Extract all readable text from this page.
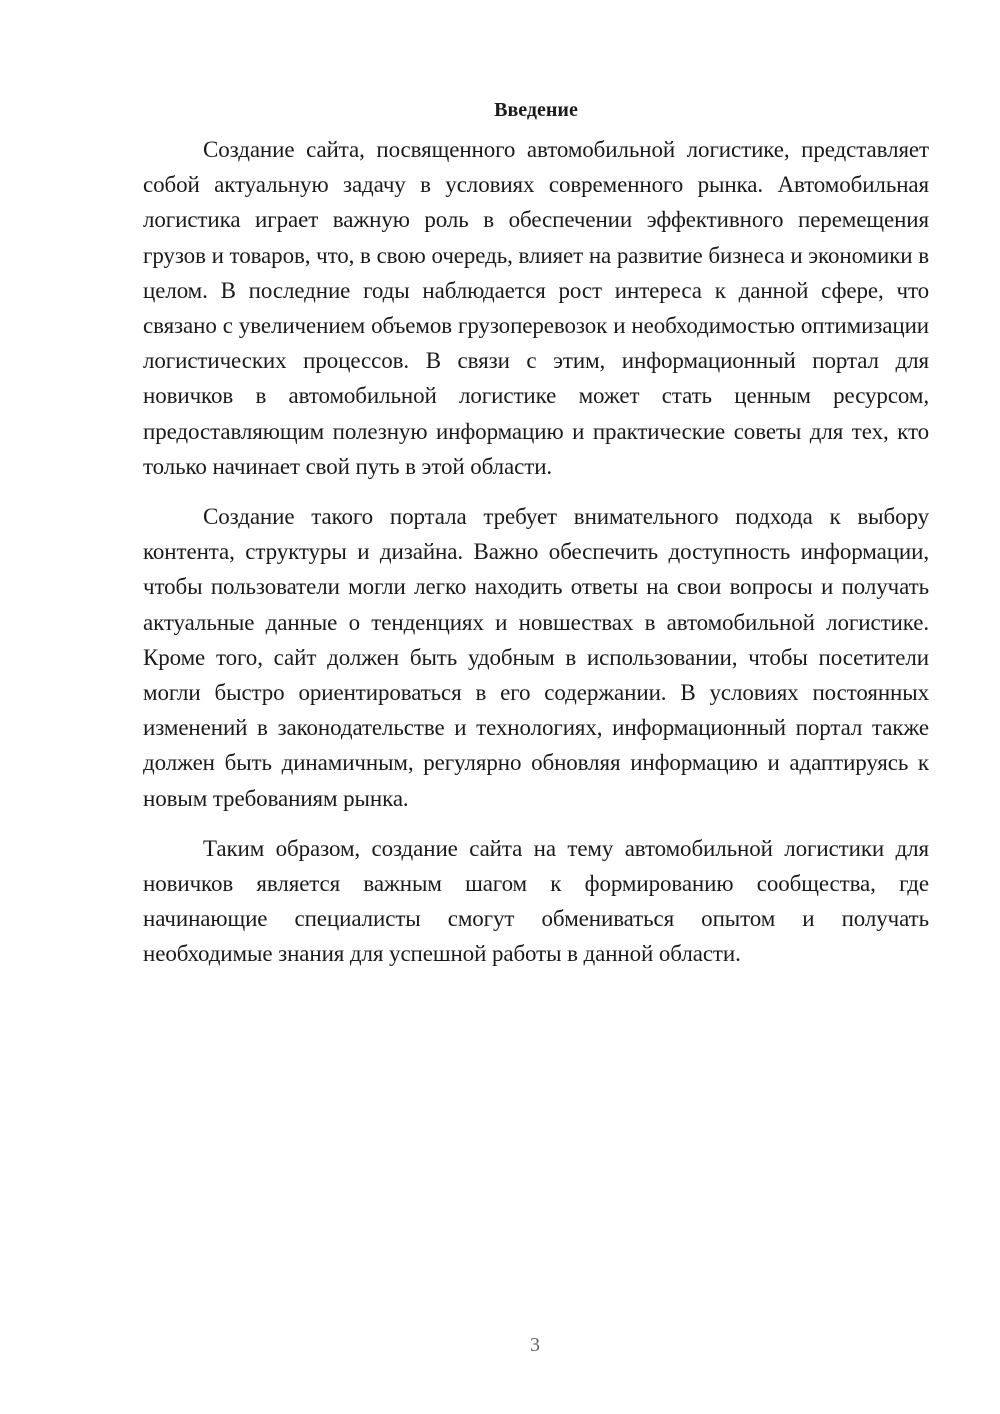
Введение

Создание сайта, посвященного автомобильной логистике, представляет собой актуальную задачу в условиях современного рынка. Автомобильная логистика играет важную роль в обеспечении эффективного перемещения грузов и товаров, что, в свою очередь, влияет на развитие бизнеса и экономики в целом. В последние годы наблюдается рост интереса к данной сфере, что связано с увеличением объемов грузоперевозок и необходимостью оптимизации логистических процессов. В связи с этим, информационный портал для новичков в автомобильной логистике может стать ценным ресурсом, предоставляющим полезную информацию и практические советы для тех, кто только начинает свой путь в этой области.

Создание такого портала требует внимательного подхода к выбору контента, структуры и дизайна. Важно обеспечить доступность информации, чтобы пользователи могли легко находить ответы на свои вопросы и получать актуальные данные о тенденциях и новшествах в автомобильной логистике. Кроме того, сайт должен быть удобным в использовании, чтобы посетители могли быстро ориентироваться в его содержании. В условиях постоянных изменений в законодательстве и технологиях, информационный портал также должен быть динамичным, регулярно обновляя информацию и адаптируясь к новым требованиям рынка.

Таким образом, создание сайта на тему автомобильной логистики для новичков является важным шагом к формированию сообщества, где начинающие специалисты смогут обмениваться опытом и получать необходимые знания для успешной работы в данной области.

3
